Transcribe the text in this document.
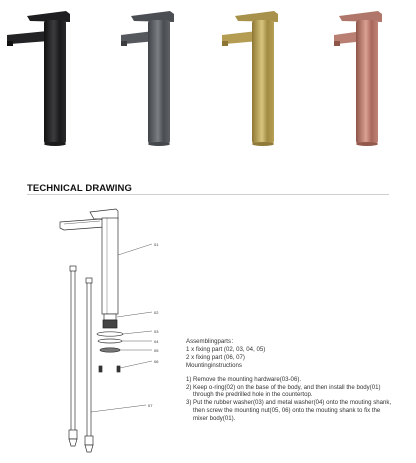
TECHNICAL DRAWING
01
02
03
04
05
06
07

Assemblingparts：

1 x fixing part (02, 03, 04, 05)

2 x fixing part (06, 07)

Mountinginstructions

1) Remove the mounting hardware(03-06).
2) Keep o-ring(02) on the base of the body, and then install the body(01) through the predrilled hole in the countertop.
3) Put the rubber washer(03) and metal washer(04) onto the mouting shank, then screw the mounting nut(05, 06) onto the mouting shank to fix the mixer body(01).
